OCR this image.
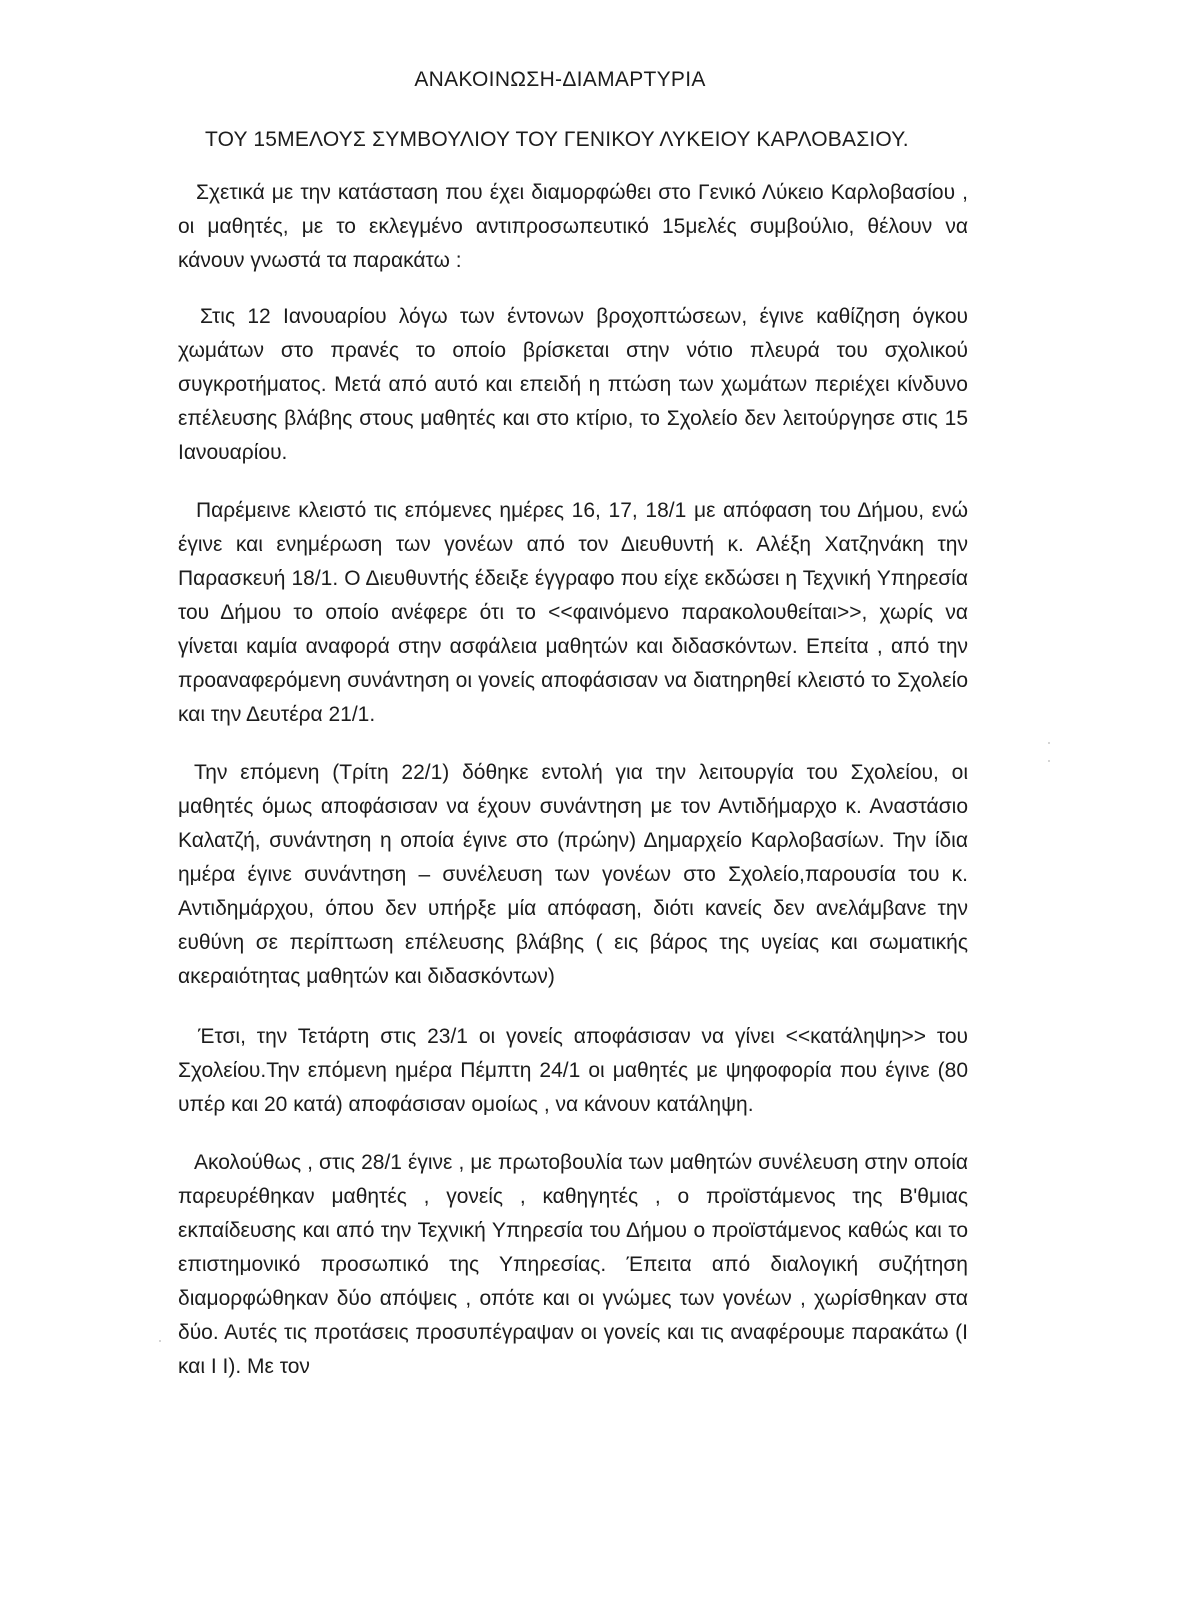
ΑΝΑΚΟΙΝΩΣΗ-ΔΙΑΜΑΡΤΥΡΙΑ
ΤΟΥ 15ΜΕΛΟΥΣ ΣΥΜΒΟΥΛΙΟΥ ΤΟΥ ΓΕΝΙΚΟΥ ΛΥΚΕΙΟΥ ΚΑΡΛΟΒΑΣΙΟΥ.

Σχετικά με την κατάσταση που έχει διαμορφώθει στο Γενικό Λύκειο Καρλοβασίου , οι μαθητές, με το εκλεγμένο αντιπροσωπευτικό 15μελές συμβούλιο, θέλουν να κάνουν γνωστά τα παρακάτω :

Στις 12 Ιανουαρίου λόγω των έντονων βροχοπτώσεων, έγινε καθίζηση όγκου χωμάτων στο πρανές το οποίο βρίσκεται στην νότιο πλευρά του σχολικού συγκροτήματος. Μετά από αυτό και επειδή η πτώση των χωμάτων περιέχει κίνδυνο επέλευσης βλάβης στους μαθητές και στο κτίριο, το Σχολείο δεν λειτούργησε στις 15 Ιανουαρίου.

Παρέμεινε κλειστό τις επόμενες ημέρες 16, 17, 18/1 με απόφαση του Δήμου, ενώ έγινε και ενημέρωση των γονέων από τον Διευθυντή κ. Αλέξη Χατζηνάκη την Παρασκευή 18/1. Ο Διευθυντής έδειξε έγγραφο που είχε εκδώσει η Τεχνική Υπηρεσία του Δήμου το οποίο ανέφερε ότι το <<φαινόμενο παρακολουθείται>>, χωρίς να γίνεται καμία αναφορά στην ασφάλεια μαθητών και διδασκόντων. Επείτα , από την προαναφερόμενη συνάντηση οι γονείς αποφάσισαν να διατηρηθεί κλειστό το Σχολείο και την Δευτέρα 21/1.

Την επόμενη (Τρίτη 22/1) δόθηκε εντολή για την λειτουργία του Σχολείου, οι μαθητές όμως αποφάσισαν να έχουν συνάντηση με τον Αντιδήμαρχο κ. Αναστάσιο Καλατζή, συνάντηση η οποία έγινε στο (πρώην) Δημαρχείο Καρλοβασίων. Την ίδια ημέρα έγινε συνάντηση – συνέλευση των γονέων στο Σχολείο,παρουσία του κ. Αντιδημάρχου, όπου δεν υπήρξε μία απόφαση, διότι κανείς δεν ανελάμβανε την ευθύνη σε περίπτωση επέλευσης βλάβης ( εις βάρος της υγείας και σωματικής ακεραιότητας μαθητών και διδασκόντων)

Έτσι, την Τετάρτη στις 23/1 οι γονείς αποφάσισαν να γίνει <<κατάληψη>> του Σχολείου.Την επόμενη ημέρα Πέμπτη 24/1 οι μαθητές με ψηφοφορία που έγινε (80 υπέρ και 20 κατά) αποφάσισαν ομοίως , να κάνουν κατάληψη.

Ακολούθως , στις 28/1 έγινε , με πρωτοβουλία των μαθητών συνέλευση στην οποία παρευρέθηκαν μαθητές , γονείς , καθηγητές , ο προϊστάμενος της Β'θμιας εκπαίδευσης και από την Τεχνική Υπηρεσία του Δήμου ο προϊστάμενος καθώς και το επιστημονικό προσωπικό της Υπηρεσίας. Έπειτα από διαλογική συζήτηση διαμορφώθηκαν δύο απόψεις , οπότε και οι γνώμες των γονέων , χωρίσθηκαν στα δύο. Αυτές τις προτάσεις προσυπέγραψαν οι γονείς και τις αναφέρουμε παρακάτω (Ι και Ι Ι). Με τον
